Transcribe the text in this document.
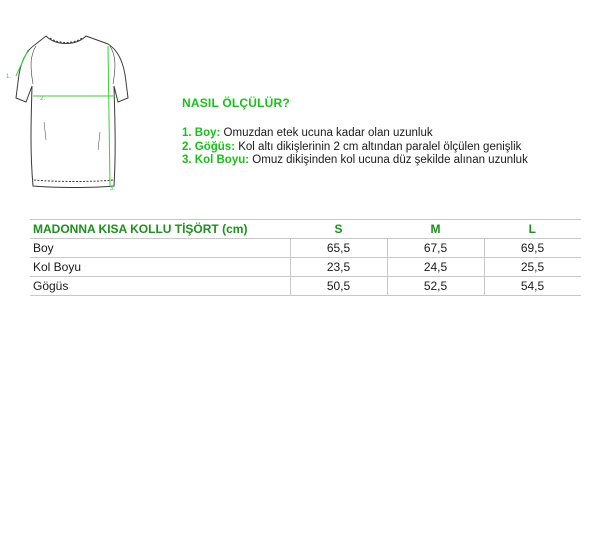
1.
2.
3.
NASIL ÖLÇÜLÜR?
1. Boy: Omuzdan etek ucuna kadar olan uzunluk
2. Göğüs: Kol altı dikişlerinin 2 cm altından paralel ölçülen genişlik
3. Kol Boyu: Omuz dikişinden kol ucuna düz şekilde alınan uzunluk
MADONNA KISA KOLLU TİŞÖRT (cm)	S	M	L
Boy	65,5	67,5	69,5
Kol Boyu	23,5	24,5	25,5
Gögüs	50,5	52,5	54,5
